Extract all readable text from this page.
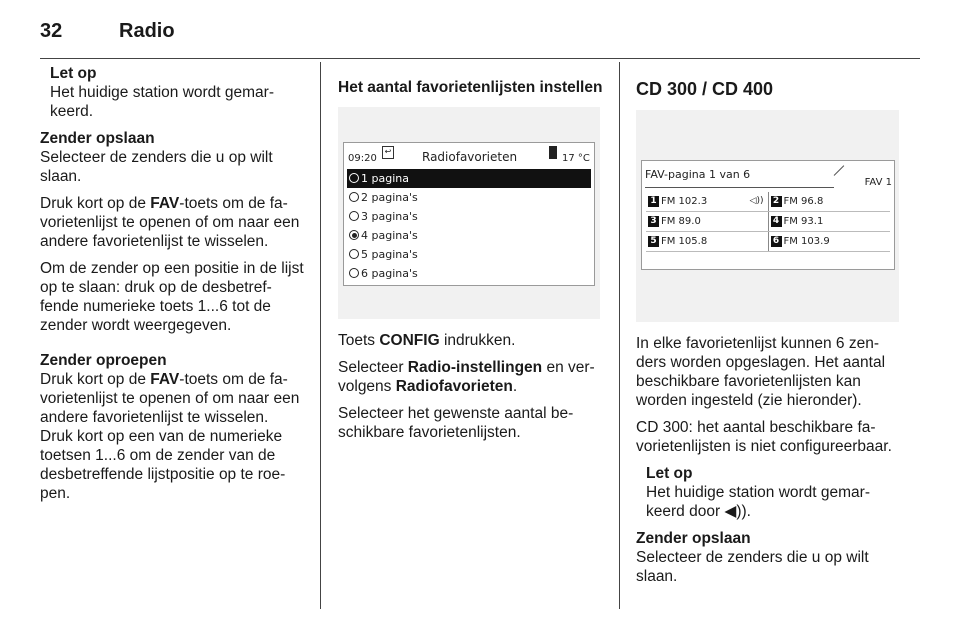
32	Radio
Let op
Het huidige station wordt gemar-
keerd.

Zender opslaan
Selecteer de zenders die u op wilt
slaan.

Druk kort op de FAV-toets om de fa-
vorietenlijst te openen of om naar een
andere favorietenlijst te wisselen.

Om de zender op een positie in de lijst
op te slaan: druk op de desbetref-
fende numerieke toets 1...6 tot de
zender wordt weergegeven.

Zender oproepen
Druk kort op de FAV-toets om de fa-
vorietenlijst te openen of om naar een
andere favorietenlijst te wisselen.
Druk kort op een van de numerieke
toetsen 1...6 om de zender van de
desbetreffende lijstpositie op te roe-
pen.

Het aantal favorietenlijsten instellen
09:20
↩	Radiofavorieten	17 °C
1 pagina
2 pagina's
3 pagina's
4 pagina's
5 pagina's
6 pagina's

Toets CONFIG indrukken.

Selecteer Radio-instellingen en ver-
volgens Radiofavorieten.

Selecteer het gewenste aantal be-
schikbare favorietenlijsten.

CD 300 / CD 400
FAV-pagina 1 van 6
FAV 1
1 FM 102.3	◁))	2 FM 96.8
3 FM 89.0	4 FM 93.1
5 FM 105.8	6 FM 103.9

In elke favorietenlijst kunnen 6 zen-
ders worden opgeslagen. Het aantal
beschikbare favorietenlijsten kan
worden ingesteld (zie hieronder).

CD 300: het aantal beschikbare fa-
vorietenlijsten is niet configureerbaar.

Let op
Het huidige station wordt gemar-
keerd door ◀)).

Zender opslaan
Selecteer de zenders die u op wilt
slaan.
